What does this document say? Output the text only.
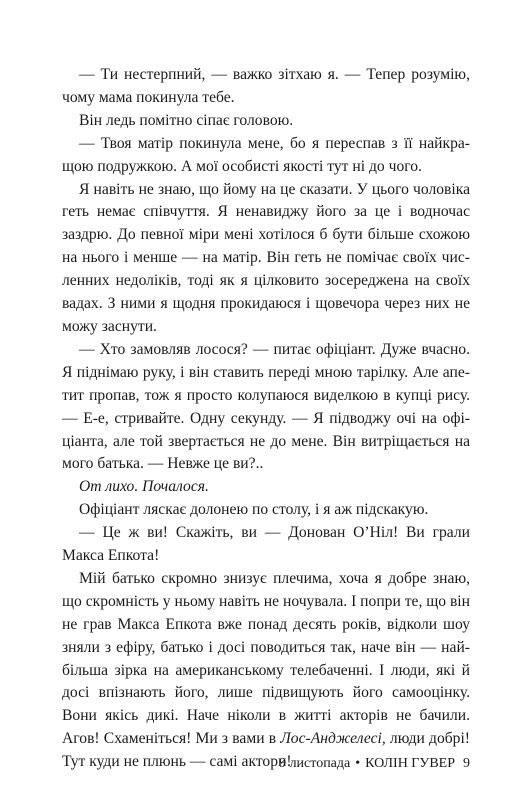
— Ти нестерпний, — важко зітхаю я. — Тепер розумію, чому мама покинула тебе.

Він ледь помітно сіпає головою.

— Твоя матір покинула мене, бо я переспав з її найкращою подружкою. А мої особисті якості тут ні до чого.

Я навіть не знаю, що йому на це сказати. У цього чоловіка геть немає співчуття. Я ненавиджу його за це і водночас заздрю. До певної міри мені хотілося б бути більше схожою на нього і менше — на матір. Він геть не помічає своїх численних недоліків, тоді як я цілковито зосереджена на своїх вадах. З ними я щодня прокидаюся і щовечора через них не можу заснути.

— Хто замовляв лосося? — питає офіціант. Дуже вчасно. Я піднімаю руку, і він ставить переді мною тарілку. Але апетит пропав, тож я просто колупаюся виделкою в купці рису. — Е-е, стривайте. Одну секунду. — Я підводжу очі на офіціанта, але той звертається не до мене. Він витріщається на мого батька. — Невже це ви?..

От лихо. Почалося.

Офіціант ляскає долонею по столу, і я аж підскакую.

— Це ж ви! Скажіть, ви — Донован О’Ніл! Ви грали Макса Епкота!

Мій батько скромно знизує плечима, хоча я добре знаю, що скромність у ньому навіть не ночувала. І попри те, що він не грав Макса Епкота вже понад десять років, відколи шоу зняли з ефіру, батько і досі поводиться так, наче він — найбільша зірка на американському телебаченні. І люди, які й досі впізнають його, лише підвищують його самооцінку. Вони якісь дикі. Наче ніколи в житті акторів не бачили. Агов! Схаменіться! Ми з вами в Лос-Анджелесі, люди добрі! Тут куди не плюнь — самі актори!

9 листопада • КОЛІН ГУВЕР 9
